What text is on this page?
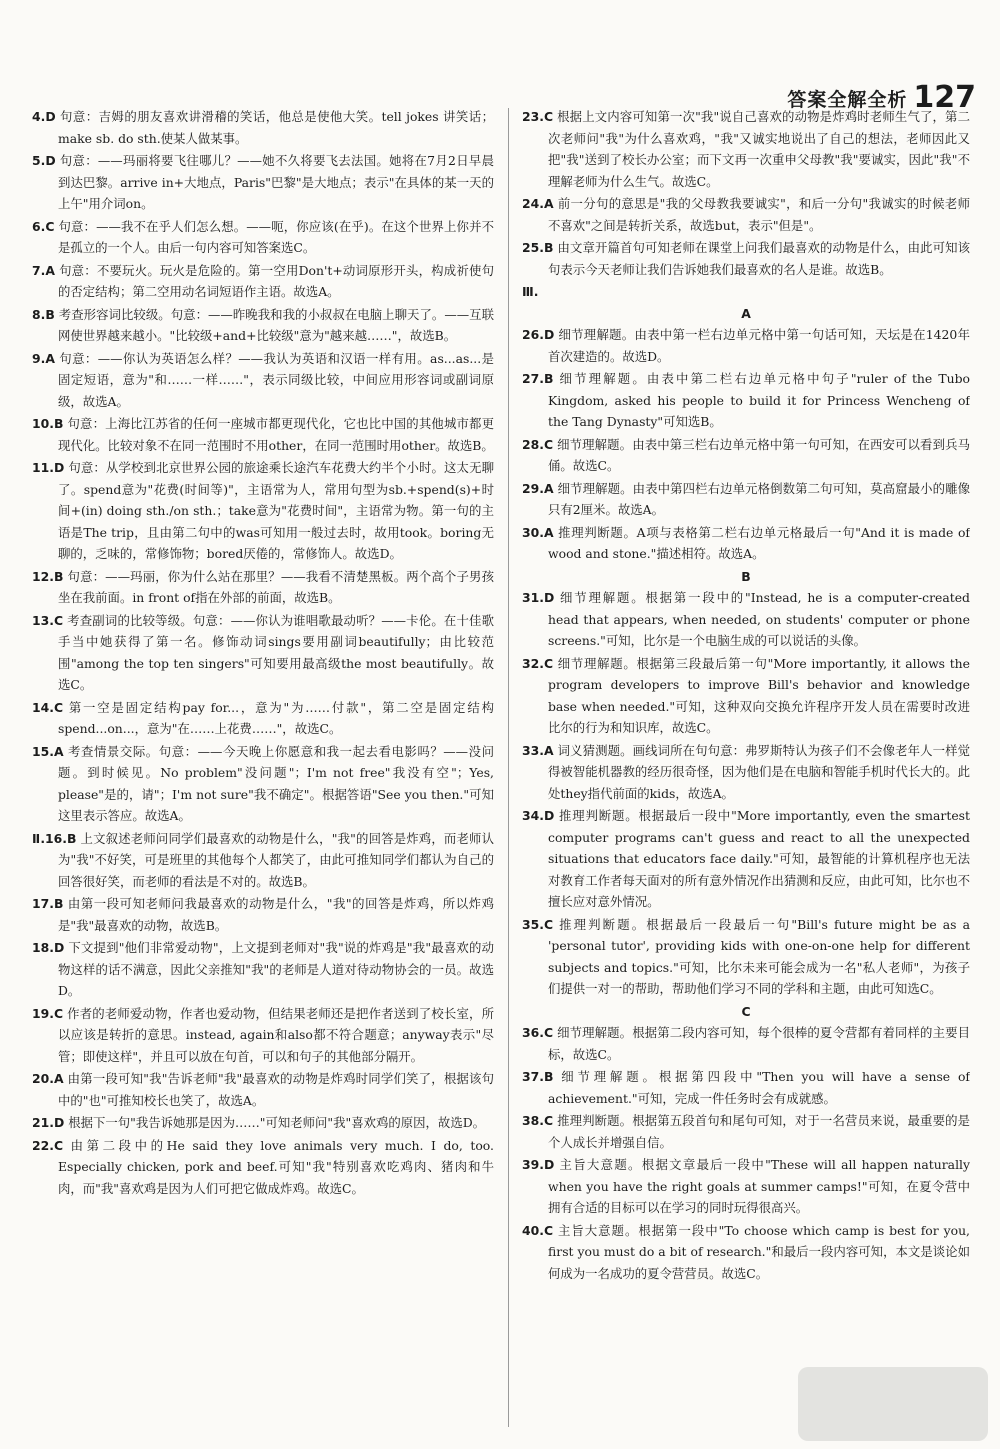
答案全解全析 127

4.D 句意：吉姆的朋友喜欢讲滑稽的笑话，他总是使他大笑。tell jokes 讲笑话；make sb. do sth.使某人做某事。

5.D 句意：——玛丽将要飞往哪儿？——她不久将要飞去法国。她将在7月2日早晨到达巴黎。arrive in+大地点，Paris"巴黎"是大地点；表示"在具体的某一天的上午"用介词on。

6.C 句意：——我不在乎人们怎么想。——呃，你应该(在乎)。在这个世界上你并不是孤立的一个人。由后一句内容可知答案选C。

7.A 句意：不要玩火。玩火是危险的。第一空用Don't+动词原形开头，构成祈使句的否定结构；第二空用动名词短语作主语。故选A。

8.B 考查形容词比较级。句意：——昨晚我和我的小叔叔在电脑上聊天了。——互联网使世界越来越小。"比较级+and+比较级"意为"越来越……"，故选B。

9.A 句意：——你认为英语怎么样？——我认为英语和汉语一样有用。as...as...是固定短语，意为"和……一样……"，表示同级比较，中间应用形容词或副词原级，故选A。

10.B 句意：上海比江苏省的任何一座城市都更现代化，它也比中国的其他城市都更现代化。比较对象不在同一范围时不用other，在同一范围时用other。故选B。

11.D 句意：从学校到北京世界公园的旅途乘长途汽车花费大约半个小时。这太无聊了。spend意为"花费(时间等)"，主语常为人，常用句型为sb.+spend(s)+时间+(in) doing sth./on sth.；take意为"花费时间"，主语常为物。第一句的主语是The trip，且由第二句中的was可知用一般过去时，故用took。boring无聊的，乏味的，常修饰物；bored厌倦的，常修饰人。故选D。

12.B 句意：——玛丽，你为什么站在那里？——我看不清楚黑板。两个高个子男孩坐在我前面。in front of指在外部的前面，故选B。

13.C 考查副词的比较等级。句意：——你认为谁唱歌最动听？——卡伦。在十佳歌手当中她获得了第一名。修饰动词sings要用副词beautifully；由比较范围"among the top ten singers"可知要用最高级the most beautifully。故选C。

14.C 第一空是固定结构pay for...，意为"为……付款"，第二空是固定结构spend...on...，意为"在……上花费……"，故选C。

15.A 考查情景交际。句意：——今天晚上你愿意和我一起去看电影吗？——没问题。到时候见。No problem"没问题"；I'm not free"我没有空"；Yes, please"是的，请"；I'm not sure"我不确定"。根据答语"See you then."可知这里表示答应。故选A。

Ⅱ.16.B 上文叙述老师问同学们最喜欢的动物是什么，"我"的回答是炸鸡，而老师认为"我"不好笑，可是班里的其他每个人都笑了，由此可推知同学们都认为自己的回答很好笑，而老师的看法是不对的。故选B。

17.B 由第一段可知老师问我最喜欢的动物是什么，"我"的回答是炸鸡，所以炸鸡是"我"最喜欢的动物，故选B。

18.D 下文提到"他们非常爱动物"，上文提到老师对"我"说的炸鸡是"我"最喜欢的动物这样的话不满意，因此父亲推知"我"的老师是人道对待动物协会的一员。故选D。

19.C 作者的老师爱动物，作者也爱动物，但结果老师还是把作者送到了校长室，所以应该是转折的意思。instead, again和also都不符合题意；anyway表示"尽管；即使这样"，并且可以放在句首，可以和句子的其他部分隔开。

20.A 由第一段可知"我"告诉老师"我"最喜欢的动物是炸鸡时同学们笑了，根据该句中的"也"可推知校长也笑了，故选A。

21.D 根据下一句"我告诉她那是因为……"可知老师问"我"喜欢鸡的原因，故选D。

22.C 由第二段中的He said they love animals very much. I do, too. Especially chicken, pork and beef.可知"我"特别喜欢吃鸡肉、猪肉和牛肉，而"我"喜欢鸡是因为人们可把它做成炸鸡。故选C。

23.C 根据上文内容可知第一次"我"说自己喜欢的动物是炸鸡时老师生气了，第二次老师问"我"为什么喜欢鸡，"我"又诚实地说出了自己的想法，老师因此又把"我"送到了校长办公室；而下文再一次重申父母教"我"要诚实，因此"我"不理解老师为什么生气。故选C。

24.A 前一分句的意思是"我的父母教我要诚实"，和后一分句"我诚实的时候老师不喜欢"之间是转折关系，故选but，表示"但是"。

25.B 由文章开篇首句可知老师在课堂上问我们最喜欢的动物是什么，由此可知该句表示今天老师让我们告诉她我们最喜欢的名人是谁。故选B。

Ⅲ.

A

26.D 细节理解题。由表中第一栏右边单元格中第一句话可知，天坛是在1420年首次建造的。故选D。

27.B 细节理解题。由表中第二栏右边单元格中句子"ruler of the Tubo Kingdom, asked his people to build it for Princess Wencheng of the Tang Dynasty"可知选B。

28.C 细节理解题。由表中第三栏右边单元格中第一句可知，在西安可以看到兵马俑。故选C。

29.A 细节理解题。由表中第四栏右边单元格倒数第二句可知，莫高窟最小的雕像只有2厘米。故选A。

30.A 推理判断题。A项与表格第二栏右边单元格最后一句"And it is made of wood and stone."描述相符。故选A。

B

31.D 细节理解题。根据第一段中的"Instead, he is a computer-created head that appears, when needed, on students' computer or phone screens."可知，比尔是一个电脑生成的可以说话的头像。

32.C 细节理解题。根据第三段最后第一句"More importantly, it allows the program developers to improve Bill's behavior and knowledge base when needed."可知，这种双向交换允许程序开发人员在需要时改进比尔的行为和知识库，故选C。

33.A 词义猜测题。画线词所在句句意：弗罗斯特认为孩子们不会像老年人一样觉得被智能机器教的经历很奇怪，因为他们是在电脑和智能手机时代长大的。此处they指代前面的kids，故选A。

34.D 推理判断题。根据最后一段中"More importantly, even the smartest computer programs can't guess and react to all the unexpected situations that educators face daily."可知，最智能的计算机程序也无法对教育工作者每天面对的所有意外情况作出猜测和反应，由此可知，比尔也不擅长应对意外情况。

35.C 推理判断题。根据最后一段最后一句"Bill's future might be as a 'personal tutor', providing kids with one-on-one help for different subjects and topics."可知，比尔未来可能会成为一名"私人老师"，为孩子们提供一对一的帮助，帮助他们学习不同的学科和主题，由此可知选C。

C

36.C 细节理解题。根据第二段内容可知，每个很棒的夏令营都有着同样的主要目标，故选C。

37.B 细节理解题。根据第四段中"Then you will have a sense of achievement."可知，完成一件任务时会有成就感。

38.C 推理判断题。根据第五段首句和尾句可知，对于一名营员来说，最重要的是个人成长并增强自信。

39.D 主旨大意题。根据文章最后一段中"These will all happen naturally when you have the right goals at summer camps!"可知，在夏令营中拥有合适的目标可以在学习的同时玩得很高兴。

40.C 主旨大意题。根据第一段中"To choose which camp is best for you, first you must do a bit of research."和最后一段内容可知，本文是谈论如何成为一名成功的夏令营营员。故选C。
